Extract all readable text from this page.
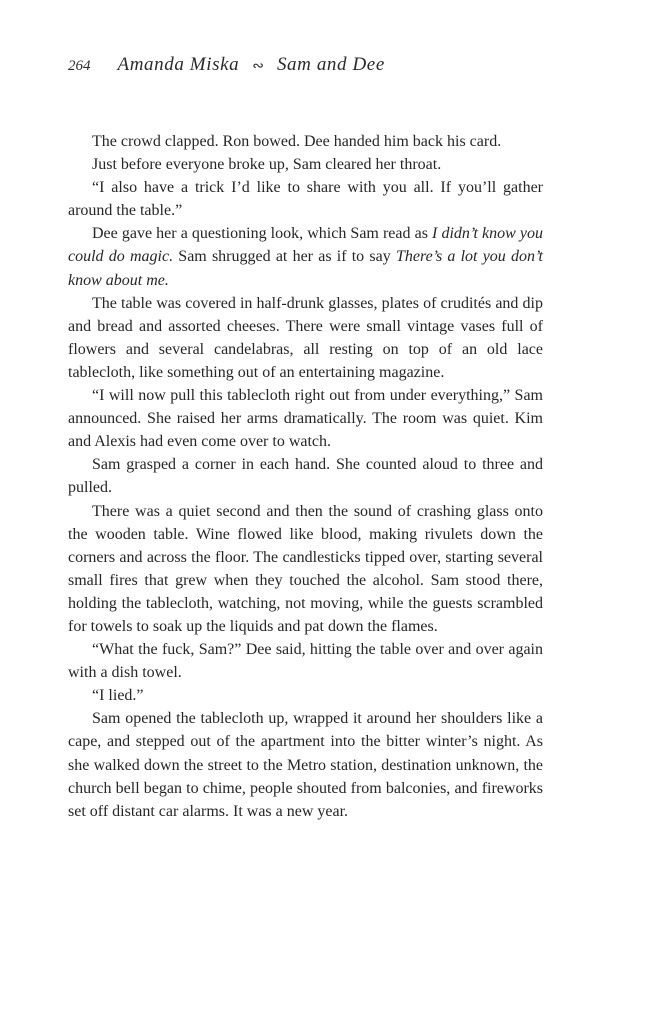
264 Amanda Miska ∾ Sam and Dee

The crowd clapped. Ron bowed. Dee handed him back his card.

Just before everyone broke up, Sam cleared her throat.

“I also have a trick I’d like to share with you all. If you’ll gather around the table.”

Dee gave her a questioning look, which Sam read as I didn’t know you could do magic. Sam shrugged at her as if to say There’s a lot you don’t know about me.

The table was covered in half-drunk glasses, plates of crudités and dip and bread and assorted cheeses. There were small vintage vases full of flowers and several candelabras, all resting on top of an old lace tablecloth, like something out of an entertaining magazine.

“I will now pull this tablecloth right out from under everything,” Sam announced. She raised her arms dramatically. The room was quiet. Kim and Alexis had even come over to watch.

Sam grasped a corner in each hand. She counted aloud to three and pulled.

There was a quiet second and then the sound of crashing glass onto the wooden table. Wine flowed like blood, making rivulets down the corners and across the floor. The candlesticks tipped over, starting several small fires that grew when they touched the alcohol. Sam stood there, holding the tablecloth, watching, not moving, while the guests scrambled for towels to soak up the liquids and pat down the flames.

“What the fuck, Sam?” Dee said, hitting the table over and over again with a dish towel.

“I lied.”

Sam opened the tablecloth up, wrapped it around her shoulders like a cape, and stepped out of the apartment into the bitter winter’s night. As she walked down the street to the Metro station, destination unknown, the church bell began to chime, people shouted from balconies, and fireworks set off distant car alarms. It was a new year.
